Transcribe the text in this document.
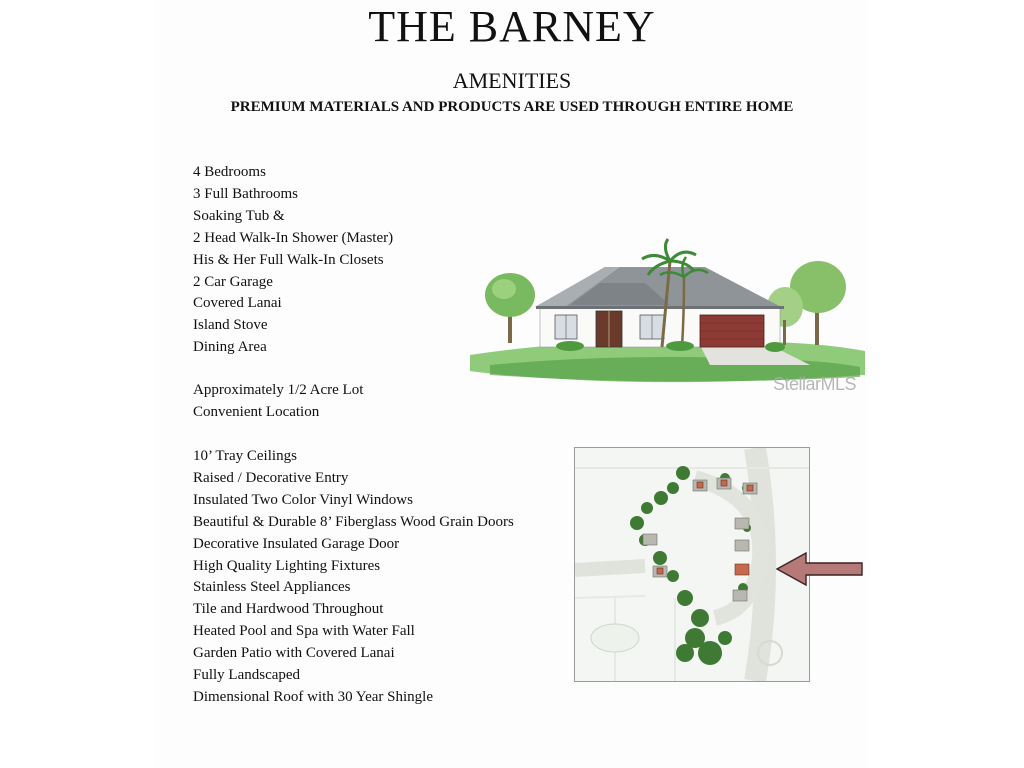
THE BARNEY
AMENITIES

PREMIUM MATERIALS AND PRODUCTS ARE USED THROUGH ENTIRE HOME

4 Bedrooms
3 Full Bathrooms
Soaking Tub &
2 Head Walk-In Shower (Master)
His & Her Full Walk-In Closets
2 Car Garage
Covered Lanai
Island Stove
Dining Area
Approximately 1/2 Acre Lot
Convenient Location
10’ Tray Ceilings
Raised / Decorative Entry
Insulated Two Color Vinyl Windows
Beautiful & Durable 8’ Fiberglass Wood Grain Doors
Decorative Insulated Garage Door
High Quality Lighting Fixtures
Stainless Steel Appliances
Tile and Hardwood Throughout
Heated Pool and Spa with Water Fall
Garden Patio with Covered Lanai
Fully Landscaped
Dimensional Roof with 30 Year Shingle
StellarMLS
